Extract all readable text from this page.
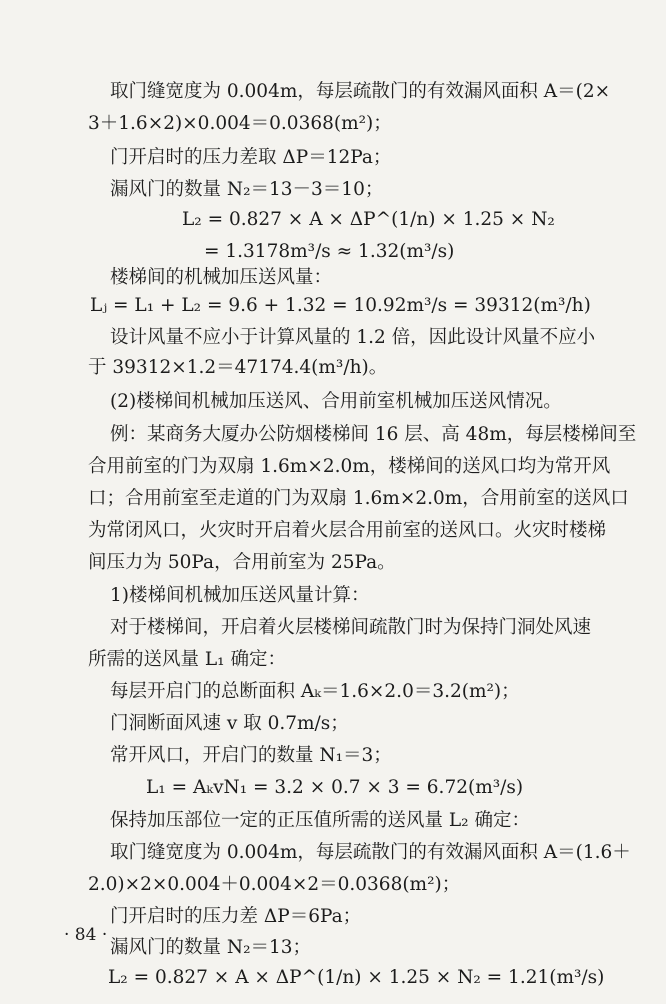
取门缝宽度为 0.004m，每层疏散门的有效漏风面积 A＝(2×
3＋1.6×2)×0.004＝0.0368(m²)；
门开启时的压力差取 ΔP＝12Pa；
漏风门的数量 N₂＝13－3＝10；
L₂ = 0.827 × A × ΔP^(1/n) × 1.25 × N₂
= 1.3178m³/s ≈ 1.32(m³/s)
楼梯间的机械加压送风量：
Lⱼ = L₁ + L₂ = 9.6 + 1.32 = 10.92m³/s = 39312(m³/h)
设计风量不应小于计算风量的 1.2 倍，因此设计风量不应小
于 39312×1.2＝47174.4(m³/h)。
(2)楼梯间机械加压送风、合用前室机械加压送风情况。
例：某商务大厦办公防烟楼梯间 16 层、高 48m，每层楼梯间至
合用前室的门为双扇 1.6m×2.0m，楼梯间的送风口均为常开风
口；合用前室至走道的门为双扇 1.6m×2.0m，合用前室的送风口
为常闭风口，火灾时开启着火层合用前室的送风口。火灾时楼梯
间压力为 50Pa，合用前室为 25Pa。
1)楼梯间机械加压送风量计算：
对于楼梯间，开启着火层楼梯间疏散门时为保持门洞处风速
所需的送风量 L₁ 确定：
每层开启门的总断面积 Aₖ＝1.6×2.0＝3.2(m²)；
门洞断面风速 v 取 0.7m/s；
常开风口，开启门的数量 N₁＝3；
L₁ = AₖvN₁ = 3.2 × 0.7 × 3 = 6.72(m³/s)
保持加压部位一定的正压值所需的送风量 L₂ 确定：
取门缝宽度为 0.004m，每层疏散门的有效漏风面积 A＝(1.6＋
2.0)×2×0.004＋0.004×2＝0.0368(m²)；
门开启时的压力差 ΔP＝6Pa；
漏风门的数量 N₂＝13；
L₂ = 0.827 × A × ΔP^(1/n) × 1.25 × N₂ = 1.21(m³/s)
· 84 ·
